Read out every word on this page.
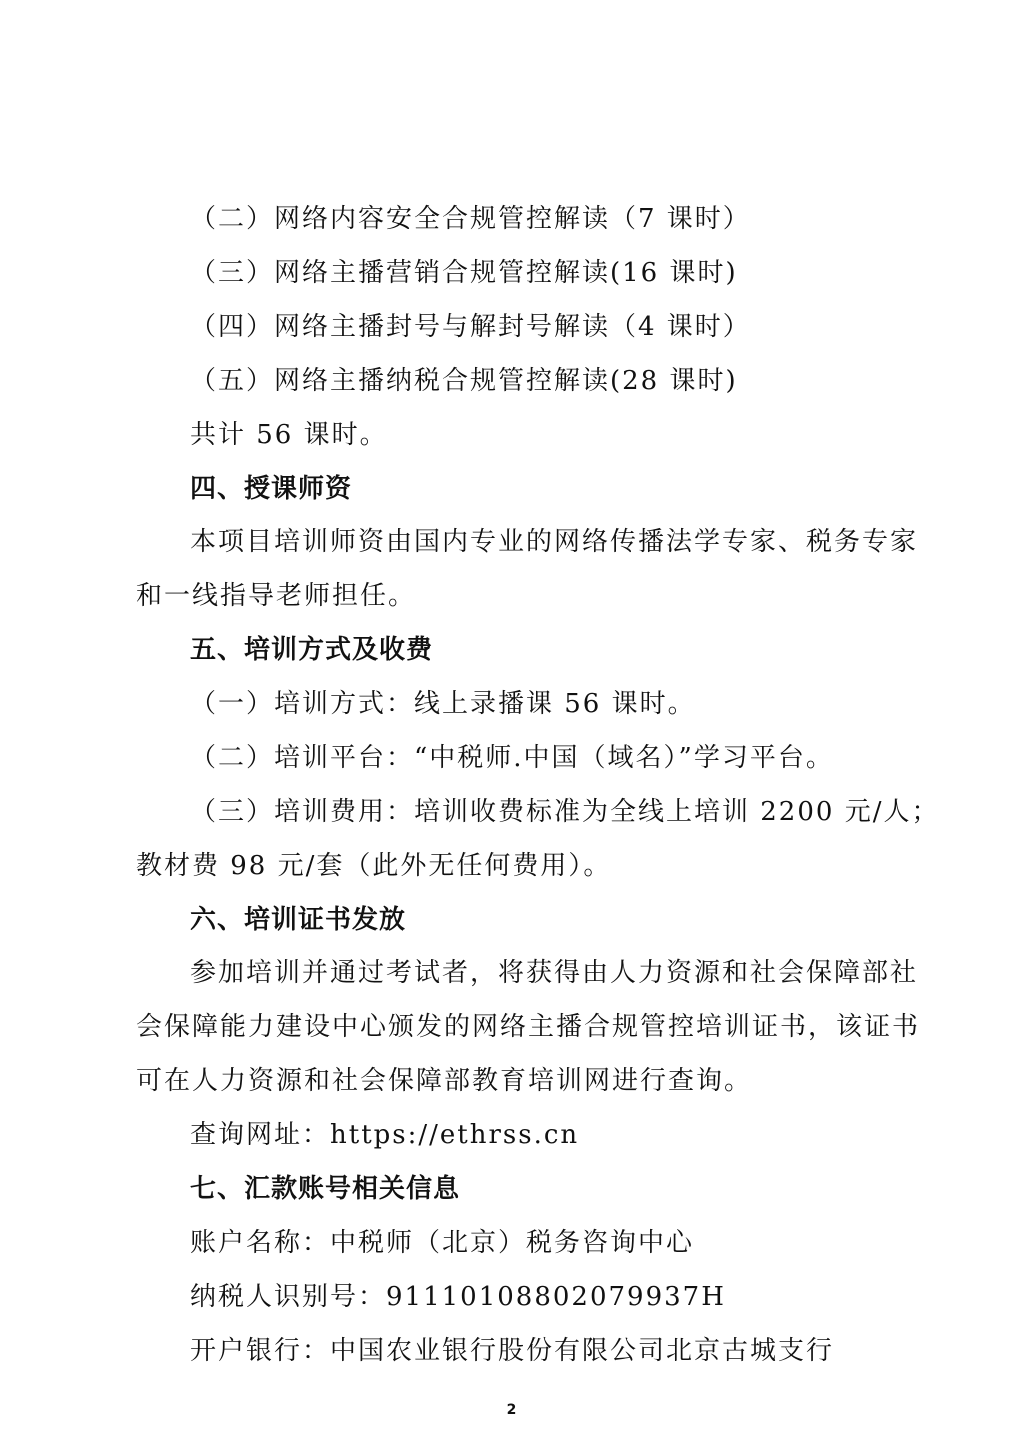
（二）网络内容安全合规管控解读（7 课时）
（三）网络主播营销合规管控解读(16 课时)
（四）网络主播封号与解封号解读（4 课时）
（五）网络主播纳税合规管控解读(28 课时)
共计 56 课时。
四、授课师资
本项目培训师资由国内专业的网络传播法学专家、税务专家
和一线指导老师担任。
五、培训方式及收费
（一）培训方式：线上录播课 56 课时。
（二）培训平台：“中税师.中国（域名）”学习平台。
（三）培训费用：培训收费标准为全线上培训 2200 元/人；
教材费 98 元/套（此外无任何费用）。
六、培训证书发放
参加培训并通过考试者，将获得由人力资源和社会保障部社
会保障能力建设中心颁发的网络主播合规管控培训证书，该证书
可在人力资源和社会保障部教育培训网进行查询。
查询网址：https://ethrss.cn
七、汇款账号相关信息
账户名称：中税师（北京）税务咨询中心
纳税人识别号：91110108802079937H
开户银行：中国农业银行股份有限公司北京古城支行
2
